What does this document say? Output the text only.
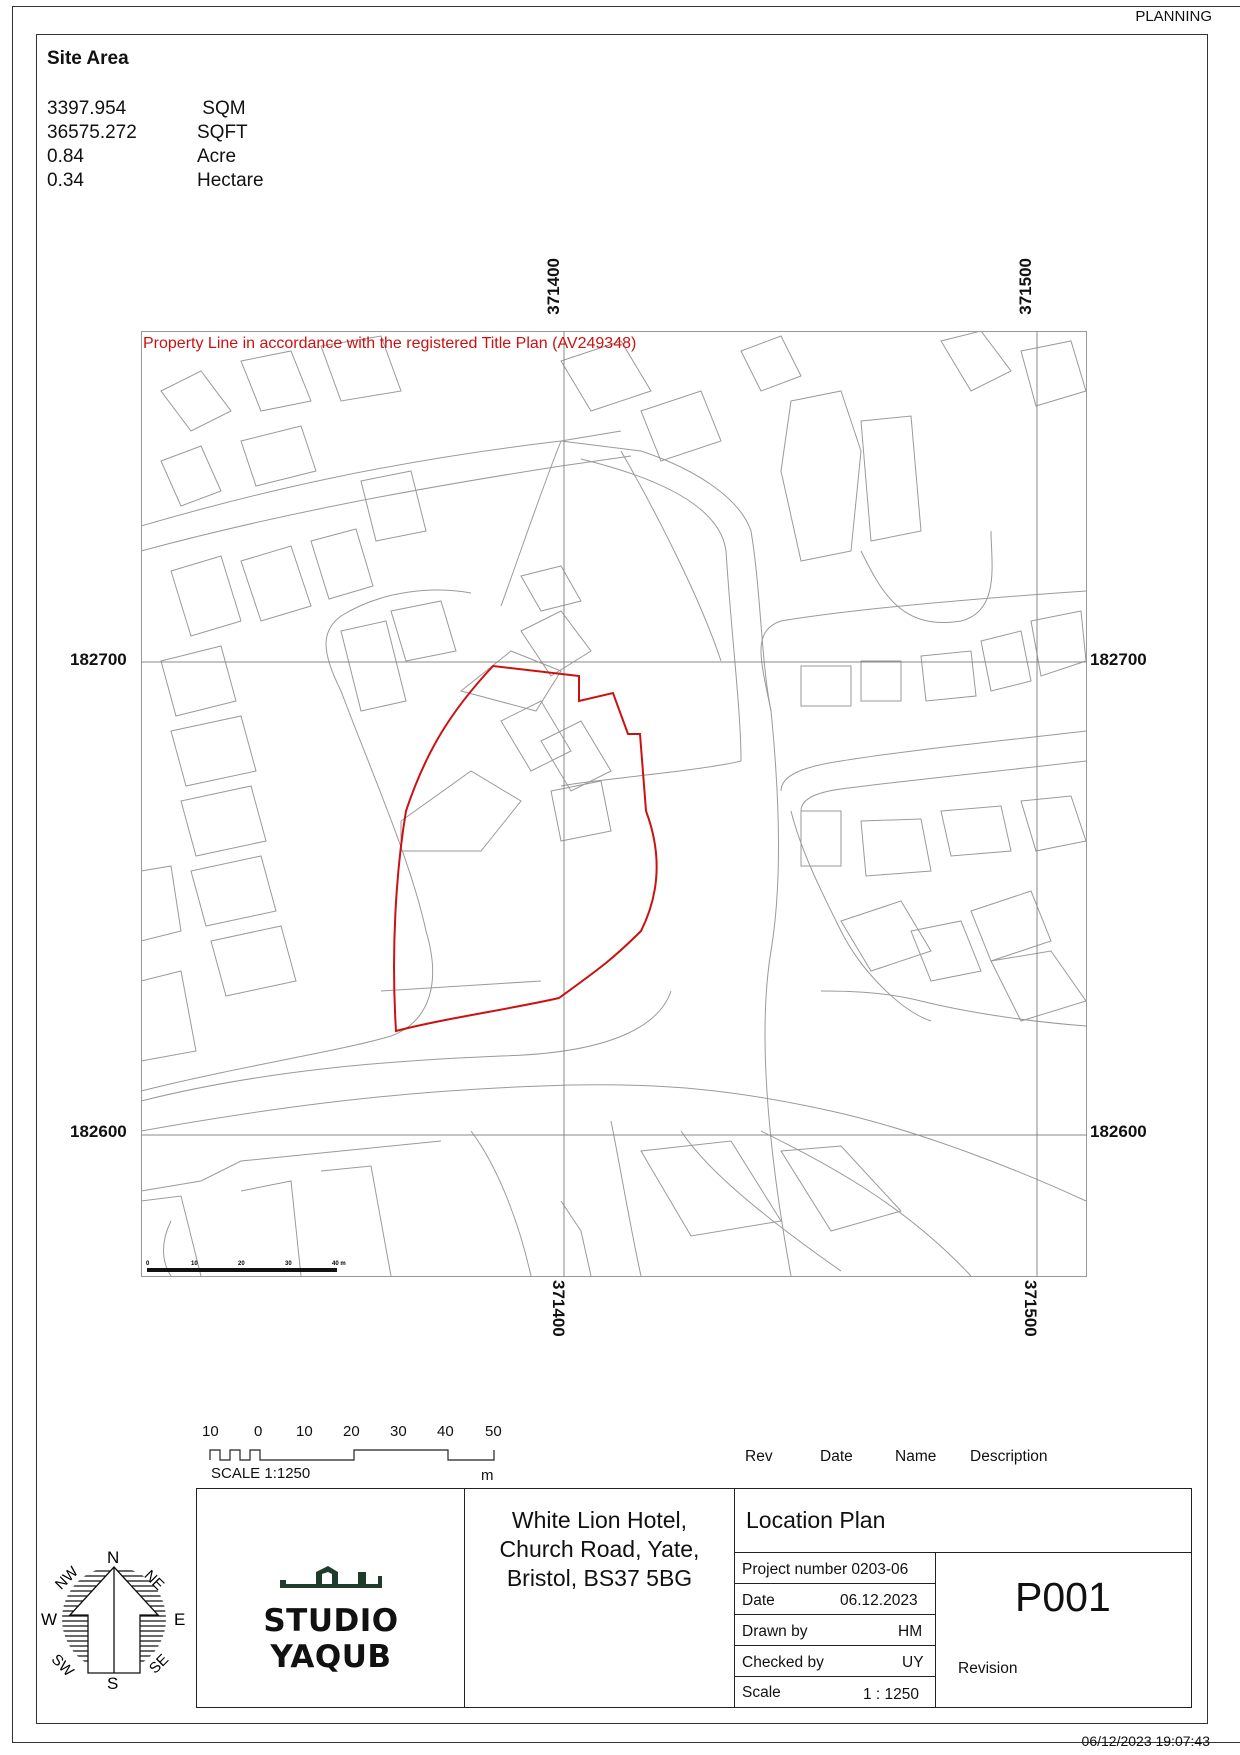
PLANNING
Site Area
3397.954	SQM
36575.272	SQFT
0.84	Acre
0.34	Hectare
371400	371500
371400	371500
182700	182700
182600	182600
Property Line in accordance with the registered Title Plan (AV249348)
0	10	20	30	40 m
10 0 10 20 30 40 50
SCALE 1:1250	m
Rev	Date	Name Description
N
S
E
W
NE
NW
SE
SW
STUDIO YAQUB
White Lion Hotel,
Church Road, Yate,
Bristol, BS37 5BG
Location Plan
Project number 0203-06
Date	06.12.2023
Drawn by	HM
Checked by	UY
Scale	1 : 1250
P001
Revision
06/12/2023 19:07:43
